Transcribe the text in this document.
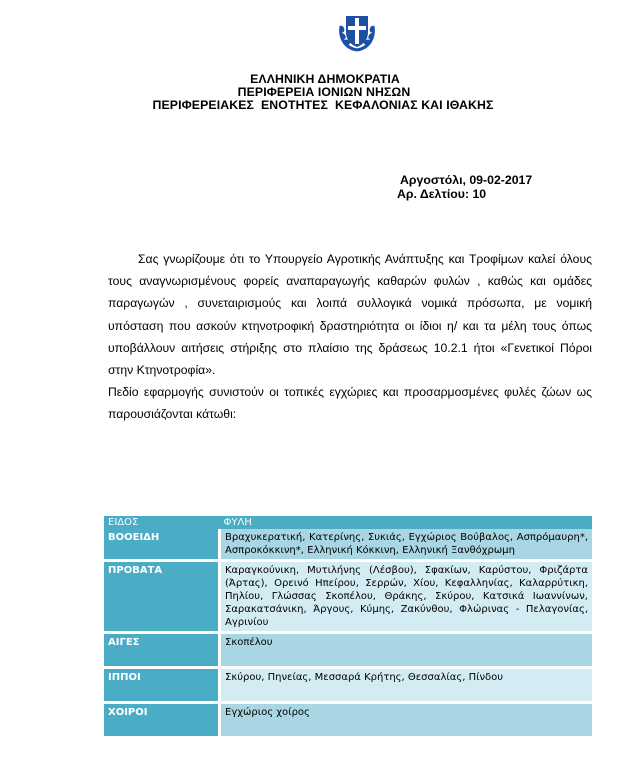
ΕΛΛΗΝΙΚΗ ΔΗΜΟΚΡΑΤΙΑ
ΠΕΡΙΦΕΡΕΙΑ ΙΟΝΙΩΝ ΝΗΣΩΝ
ΠΕΡΙΦΕΡΕΙΑΚΕΣ  ΕΝΟΤΗΤΕΣ  ΚΕΦΑΛΟΝΙΑΣ ΚΑΙ ΙΘΑΚΗΣ
Αργοστόλι, 09-02-2017
Αρ. Δελτίου: 10

Σας γνωρίζουμε ότι το Υπουργείο Αγροτικής Ανάπτυξης και Τροφίμων καλεί όλους τους αναγνωρισμένους φορείς αναπαραγωγής καθαρών φυλών , καθώς και ομάδες παραγωγών , συνεταιρισμούς και λοιπά συλλογικά νομικά πρόσωπα, με νομική υπόσταση που ασκούν κτηνοτροφική δραστηριότητα οι ίδιοι η/ και τα μέλη τους όπως υποβάλλουν αιτήσεις στήριξης στο πλαίσιο της δράσεως 10.2.1 ήτοι «Γενετικοί Πόροι στην Κτηνοτροφία».

Πεδίο εφαρμογής συνιστούν οι τοπικές εγχώριες και προσαρμοσμένες φυλές ζώων ως παρουσιάζονται κάτωθι:

ΕΙΔΟΣ	ΦΥΛΗ
ΒΟΟΕΙΔΗ	Βραχυκερατική, Κατερίνης, Συκιάς, Εγχώριος Βούβαλος, Ασπρόμαυρη*, Ασπροκόκκινη*, Ελληνική Κόκκινη, Ελληνική Ξανθόχρωμη
ΠΡΟΒΑΤΑ	Καραγκούνικη, Μυτιλήνης (Λέσβου), Σφακίων, Καρύστου, Φριζάρτα (Άρτας), Ορεινό Ηπείρου, Σερρών, Χίου, Κεφαλληνίας, Καλαρρύτικη, Πηλίου, Γλώσσας Σκοπέλου, Θράκης, Σκύρου, Κατσικά Ιωαννίνων, Σαρακατσάνικη, Άργους, Κύμης, Ζακύνθου, Φλώρινας - Πελαγονίας, Αγρινίου
ΑΙΓΕΣ	Σκοπέλου
ΙΠΠΟΙ	Σκύρου, Πηνείας, Μεσσαρά Κρήτης, Θεσσαλίας, Πίνδου
ΧΟΙΡΟΙ	Εγχώριος χοίρος
